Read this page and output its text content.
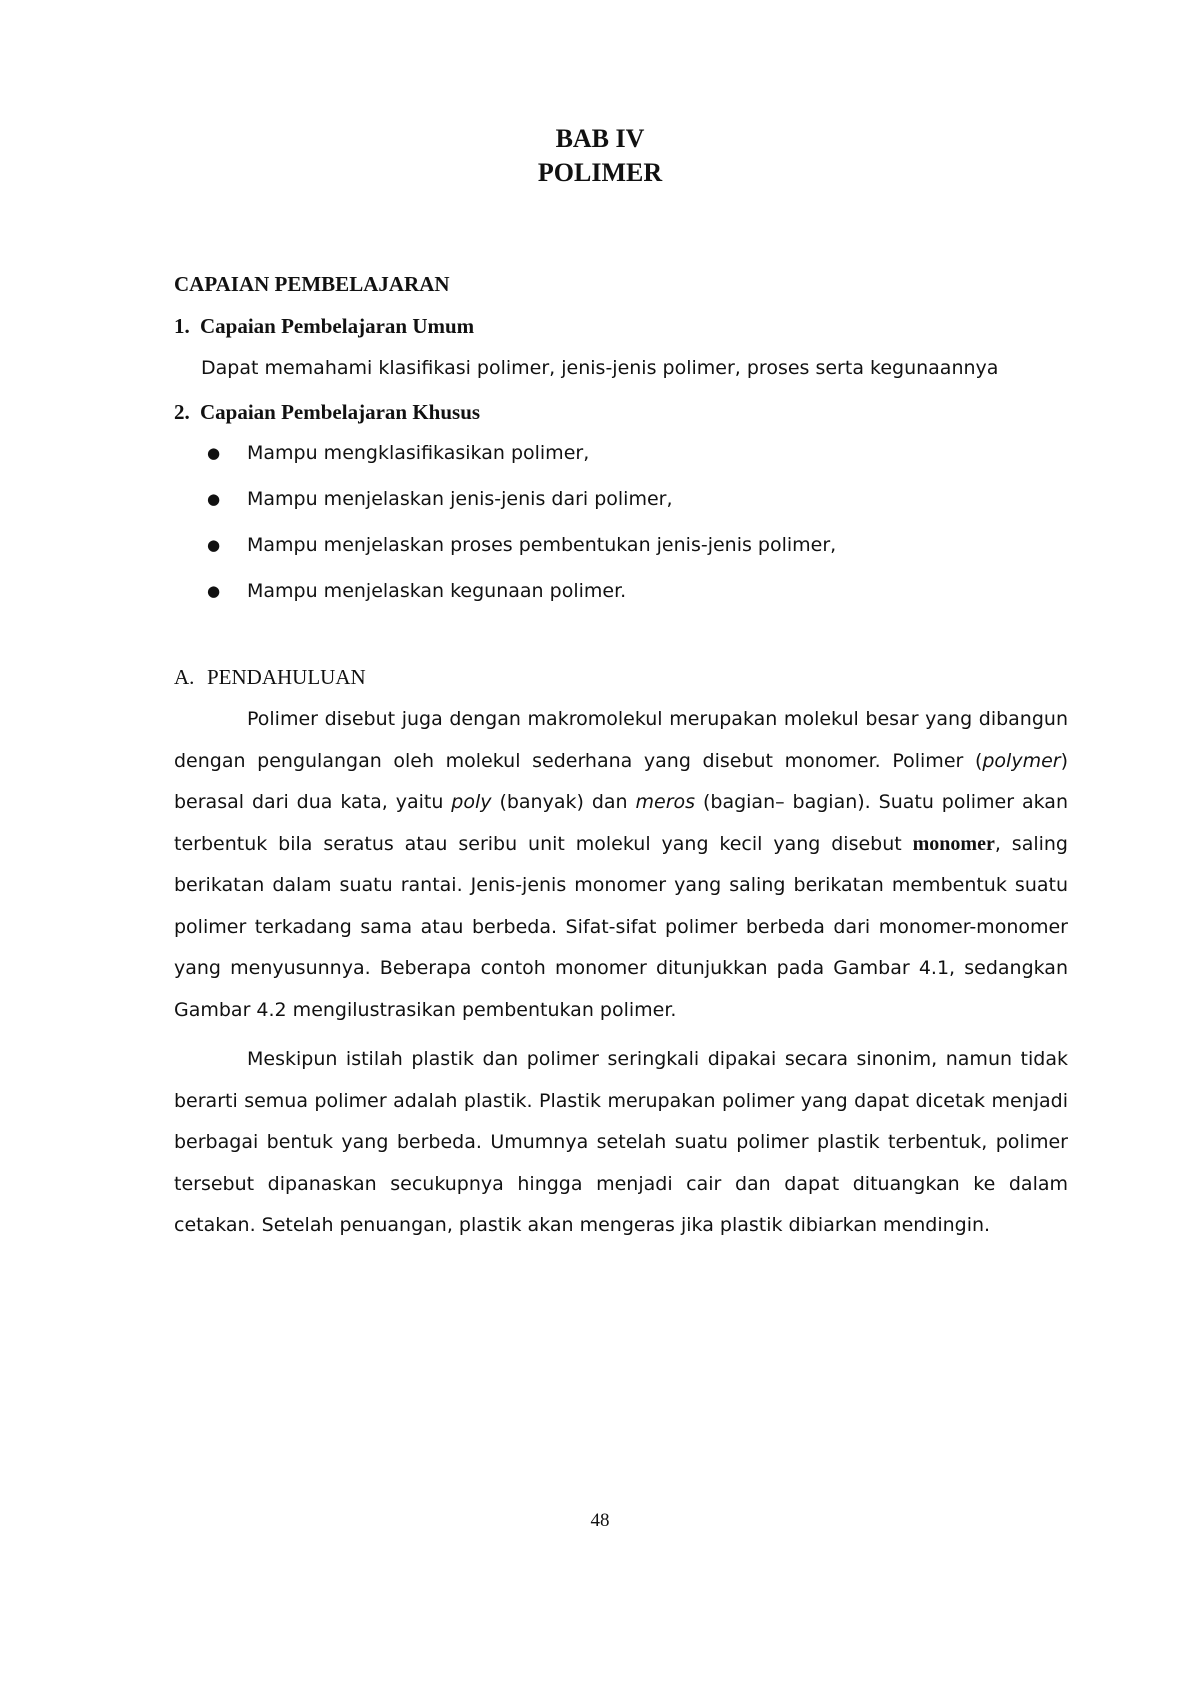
BAB IV
POLIMER
CAPAIAN PEMBELAJARAN
1. Capaian Pembelajaran Umum
Dapat memahami klasifikasi polimer, jenis-jenis polimer, proses serta kegunaannya
2. Capaian Pembelajaran Khusus
● Mampu mengklasifikasikan polimer,
● Mampu menjelaskan jenis-jenis dari polimer,
● Mampu menjelaskan proses pembentukan jenis-jenis polimer,
● Mampu menjelaskan kegunaan polimer.
A. PENDAHULUAN

Polimer disebut juga dengan makromolekul merupakan molekul besar yang dibangun dengan pengulangan oleh molekul sederhana yang disebut monomer. Polimer (polymer) berasal dari dua kata, yaitu poly (banyak) dan meros (bagian– bagian). Suatu polimer akan terbentuk bila seratus atau seribu unit molekul yang kecil yang disebut monomer, saling berikatan dalam suatu rantai. Jenis-jenis monomer yang saling berikatan membentuk suatu polimer terkadang sama atau berbeda. Sifat-sifat polimer berbeda dari monomer-monomer yang menyusunnya. Beberapa contoh monomer ditunjukkan pada Gambar 4.1, sedangkan Gambar 4.2 mengilustrasikan pembentukan polimer.

Meskipun istilah plastik dan polimer seringkali dipakai secara sinonim, namun tidak berarti semua polimer adalah plastik. Plastik merupakan polimer yang dapat dicetak menjadi berbagai bentuk yang berbeda. Umumnya setelah suatu polimer plastik terbentuk, polimer tersebut dipanaskan secukupnya hingga menjadi cair dan dapat dituangkan ke dalam cetakan. Setelah penuangan, plastik akan mengeras jika plastik dibiarkan mendingin.

48
